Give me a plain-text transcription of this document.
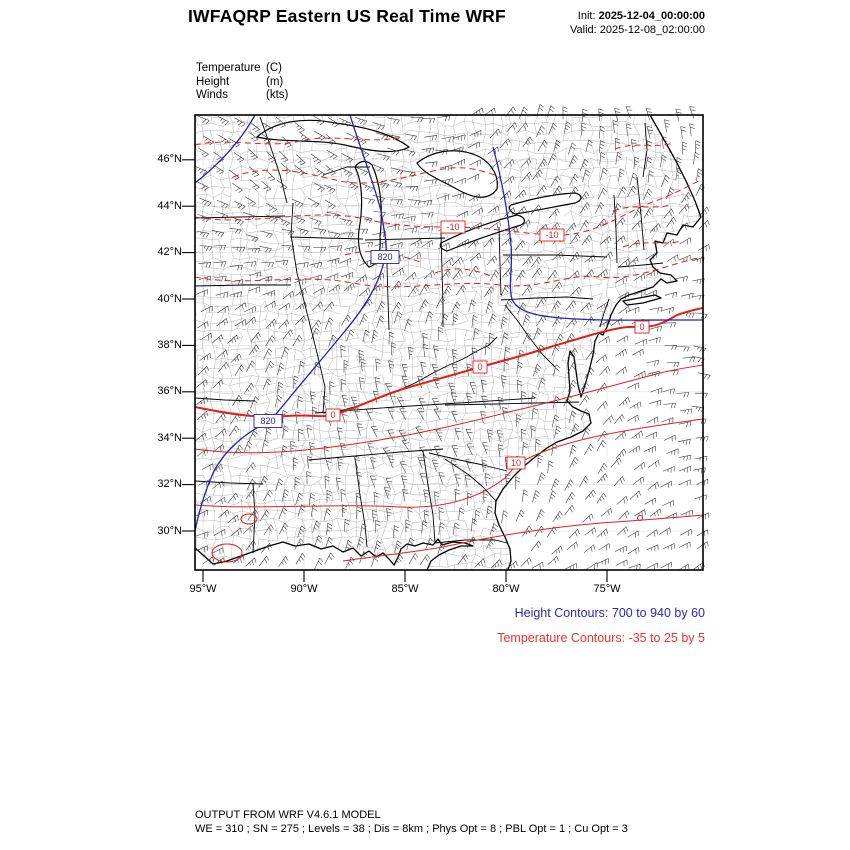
IWFAQRP Eastern US Real Time WRF	Init: 2025-12-04_00:00:00
Valid: 2025-12-08_02:00:00
Temperature (C)
Height	(m)
Winds	(kts)
46°N
44°N
42°N
40°N
38°N
36°N
34°N
32°N
30°N
95°W	90°W	85°W	80°W	75°W
820
820
-10
-10
0
0
0
10
Height Contours: 700 to 940 by 60
Temperature Contours: -35 to 25 by 5
OUTPUT FROM WRF V4.6.1 MODEL
WE = 310 ; SN = 275 ; Levels = 38 ; Dis = 8km ; Phys Opt = 8 ; PBL Opt = 1 ; Cu Opt = 3
